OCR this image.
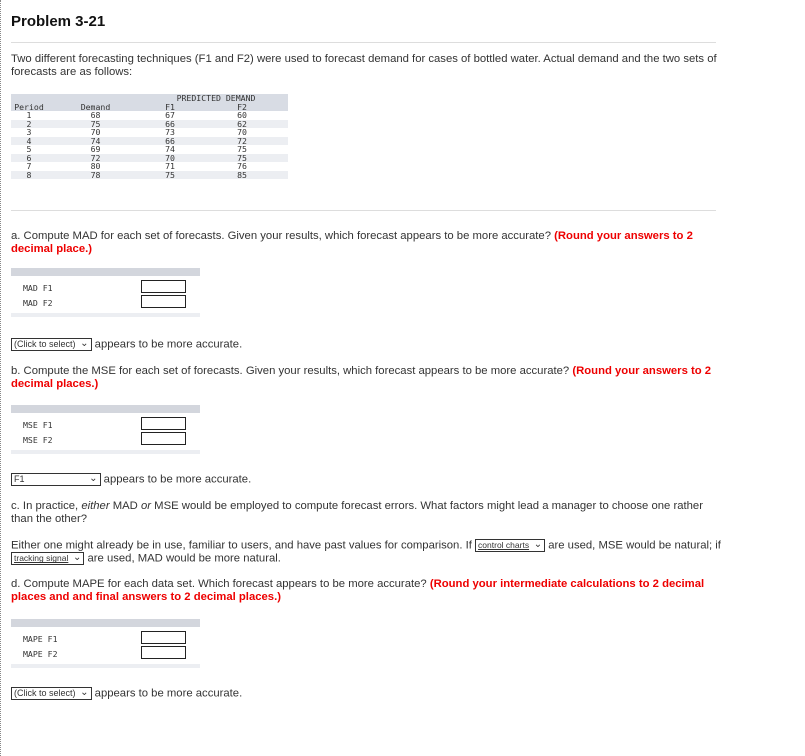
Problem 3-21

Two different forecasting techniques (F1 and F2) were used to forecast demand for cases of bottled water. Actual demand and the two sets of forecasts are as follows:

		PREDICTED DEMAND	
Period	Demand	F1	F2
1	68	67	60
2	75	66	62
3	70	73	70
4	74	66	72
5	69	74	75
6	72	70	75
7	80	71	76
8	78	75	85

a. Compute MAD for each set of forecasts. Given your results, which forecast appears to be more accurate? (Round your answers to 2 decimal place.)

MAD F1
MAD F2
(Click to select) ⌄ appears to be more accurate.

b. Compute the MSE for each set of forecasts. Given your results, which forecast appears to be more accurate? (Round your answers to 2 decimal places.)

MSE F1
MSE F2
F1	⌄ appears to be more accurate.

c. In practice, either MAD or MSE would be employed to compute forecast errors. What factors might lead a manager to choose one rather than the other?

Either one might already be in use, familiar to users, and have past values for comparison. If control charts ⌄ are used, MSE would be natural; if tracking signal ⌄ are used, MAD would be more natural.

d. Compute MAPE for each data set. Which forecast appears to be more accurate? (Round your intermediate calculations to 2 decimal places and and final answers to 2 decimal places.)

MAPE F1
MAPE F2
(Click to select) ⌄ appears to be more accurate.
